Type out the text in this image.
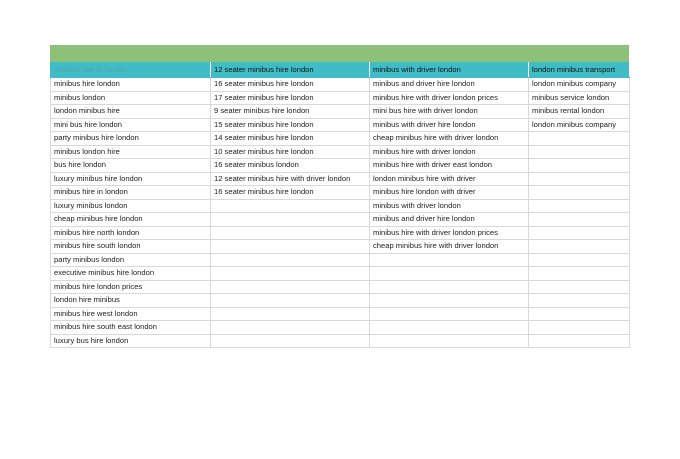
minibus hire in london	12 seater minibus hire london	minibus with driver london	london minibus transport
minibus hire london	16 seater minibus hire london	minibus and driver hire london	london minibus company
minibus london	17 seater minibus hire london	minibus hire with driver london prices	minibus service london
london minibus hire	9 seater minibus hire london	mini bus hire with driver london	minibus rental london
mini bus hire london	15 seater minibus hire london	minibus with driver hire london	london minibus company
party minibus hire london	14 seater minibus hire london	cheap minibus hire with driver london	
minibus london hire	10 seater minibus hire london	minibus hire with driver london	
bus hire london	16 seater minibus london	minibus hire with driver east london	
luxury minibus hire london	12 seater minibus hire with driver london	london minibus hire with driver	
minibus hire in london	16 seater minibus hire london	minibus hire london with driver	
luxury minibus london		minibus with driver london	
cheap minibus hire london		minibus and driver hire london	
minibus hire north london		minibus hire with driver london prices	
minibus hire south london		cheap minibus hire with driver london	
party minibus london			
executive minibus hire london			
minibus hire london prices			
london hire minibus			
minibus hire west london			
minibus hire south east london			
luxury bus hire london			
